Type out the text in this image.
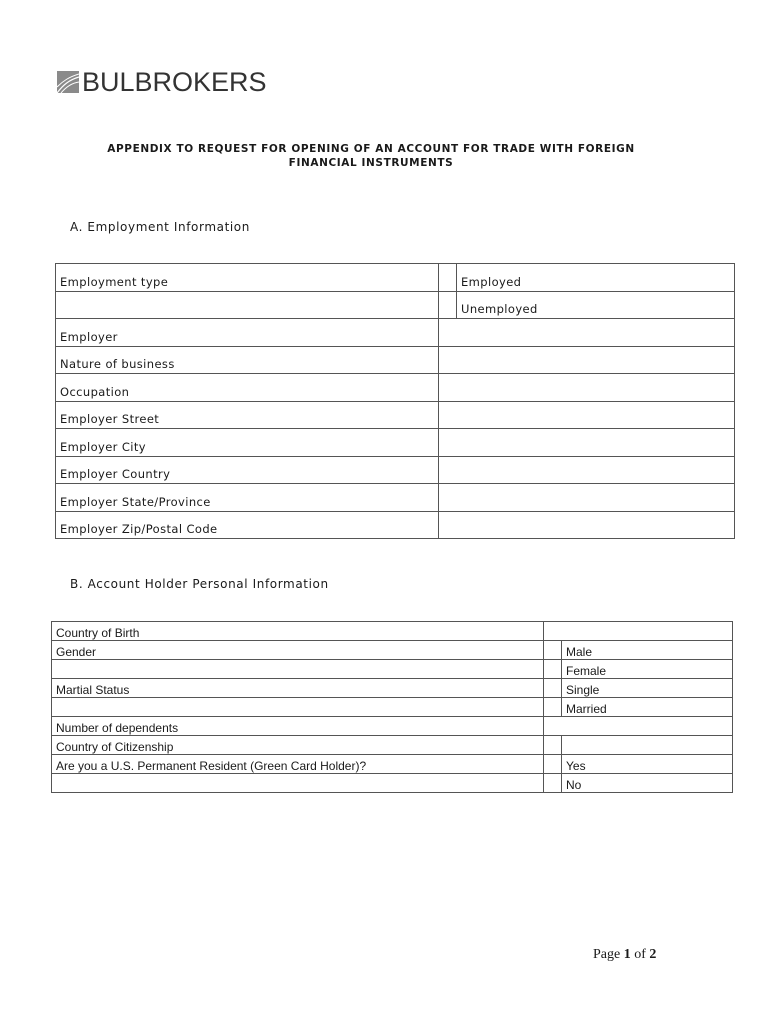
BULBROKERS
APPENDIX TO REQUEST FOR OPENING OF AN ACCOUNT FOR TRADE WITH FOREIGN
FINANCIAL INSTRUMENTS
A. Employment Information
Employment type		Employed
		Unemployed
Employer		
Nature of business		
Occupation		
Employer Street		
Employer City		
Employer Country		
Employer State/Province		
Employer Zip/Postal Code		
B. Account Holder Personal Information
Country of Birth		
Gender		Male
		Female
Martial Status		Single
		Married
Number of dependents		
Country of Citizenship		
Are you a U.S. Permanent Resident (Green Card Holder)?		Yes
		No
Page 1 of 2
